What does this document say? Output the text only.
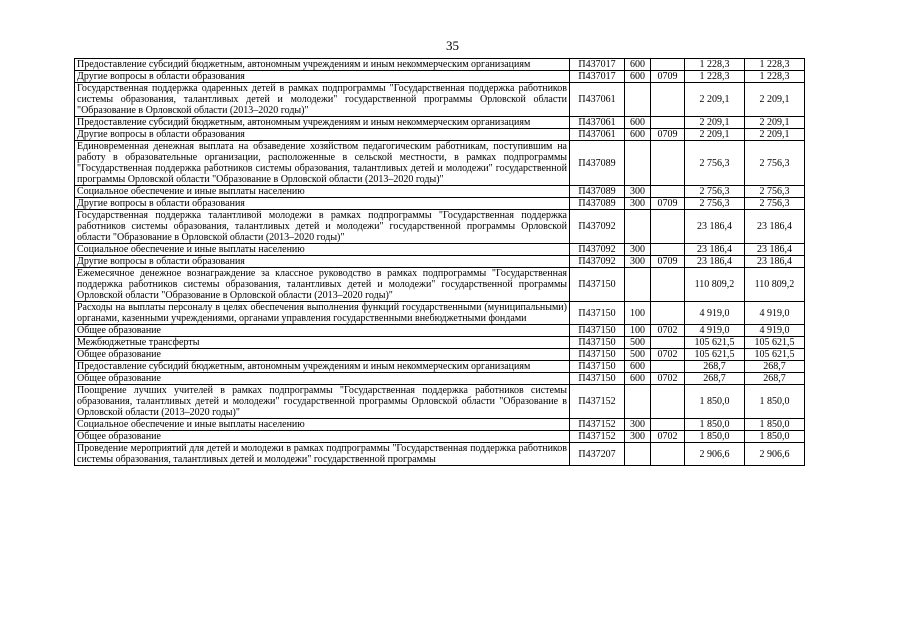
35
Предоставление субсидий бюджетным, автономным учреждениям и иным некоммерческим организациям	П437017	600		1 228,3	1 228,3
Другие вопросы в области образования	П437017	600	0709	1 228,3	1 228,3
Государственная поддержка одаренных детей в рамках подпрограммы "Государственная поддержка работников системы образования, талантливых детей и молодежи" государственной программы Орловской области "Образование в Орловской области (2013–2020 годы)"	П437061			2 209,1	2 209,1
Предоставление субсидий бюджетным, автономным учреждениям и иным некоммерческим организациям	П437061	600		2 209,1	2 209,1
Другие вопросы в области образования	П437061	600	0709	2 209,1	2 209,1
Единовременная денежная выплата на обзаведение хозяйством педагогическим работникам, поступившим на работу в образовательные организации, расположенные в сельской местности, в рамках подпрограммы "Государственная поддержка работников системы образования, талантливых детей и молодежи" государственной программы Орловской области "Образование в Орловской области (2013–2020 годы)"	П437089			2 756,3	2 756,3
Социальное обеспечение и иные выплаты населению	П437089	300		2 756,3	2 756,3
Другие вопросы в области образования	П437089	300	0709	2 756,3	2 756,3
Государственная поддержка талантливой молодежи в рамках подпрограммы "Государственная поддержка работников системы образования, талантливых детей и молодежи" государственной программы Орловской области "Образование в Орловской области (2013–2020 годы)"	П437092			23 186,4	23 186,4
Социальное обеспечение и иные выплаты населению	П437092	300		23 186,4	23 186,4
Другие вопросы в области образования	П437092	300	0709	23 186,4	23 186,4
Ежемесячное денежное вознаграждение за классное руководство в рамках подпрограммы "Государственная поддержка работников системы образования, талантливых детей и молодежи" государственной программы Орловской области "Образование в Орловской области (2013–2020 годы)"	П437150			110 809,2	110 809,2
Расходы на выплаты персоналу в целях обеспечения выполнения функций государственными (муниципальными) органами, казенными учреждениями, органами управления государственными внебюджетными фондами	П437150	100		4 919,0	4 919,0
Общее образование	П437150	100	0702	4 919,0	4 919,0
Межбюджетные трансферты	П437150	500		105 621,5	105 621,5
Общее образование	П437150	500	0702	105 621,5	105 621,5
Предоставление субсидий бюджетным, автономным учреждениям и иным некоммерческим организациям	П437150	600		268,7	268,7
Общее образование	П437150	600	0702	268,7	268,7
Поощрение лучших учителей в рамках подпрограммы "Государственная поддержка работников системы образования, талантливых детей и молодежи" государственной программы Орловской области "Образование в Орловской области (2013–2020 годы)"	П437152			1 850,0	1 850,0
Социальное обеспечение и иные выплаты населению	П437152	300		1 850,0	1 850,0
Общее образование	П437152	300	0702	1 850,0	1 850,0
Проведение мероприятий для детей и молодежи в рамках подпрограммы "Государственная поддержка работников системы образования, талантливых детей и молодежи" государственной программы	П437207			2 906,6	2 906,6
